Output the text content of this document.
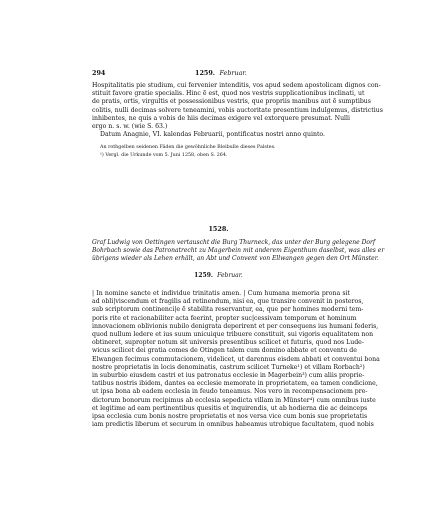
294	1259. Februar.
Hospitalitatis pie studium, cui fervenier intenditis, vos apud sedem apostolicam dignos con-
stituit favore gratie specialis. Hinc ẽ est, quod nos vestris supplicationibus inclinati, ut
de pratis, ortis, virgultis et possessionibus vestris, que propriis manibus aut ẽ sumptibus
colitis, nulli decimas solvere teneamini, vobis auctoritate presentium indulgemus, districtius
inhibentes, ne quis a vobis de hiis decimas exigere vel extorquere presumat. Nulli
ergo n. s. w. (wie S. 63.)
Datum Anagnie, VI. kalendas Februarii, pontificatus nostri anno quinto.
An rothgelben seidenen Fäden die gewöhnliche Bleibulle dieses Palstes.
¹) Vergl. die Urkunde vom 5. Juni 1258, oben S. 264.
1528.
Graf Ludwig von Oettingen vertauscht die Burg Thurneck, das unter der Burg gelegene Dorf
Bohrbach sowie das Patronatrecht zu Magerbein mit anderem Eigenthum daselbst, was alles er
übrigens wieder als Lehen erhält, an Abt und Convent von Ellwangen gegen den Ort Münster.
1259. Februar.
| In nomine sancte et individue trinitatis amen. | Cum humana memoria prona sit
ad obli|viscendum et fragilis ad retinendum, nisi ea, que transire convenit in posteros,
sub scriptorum continenci|e ẽ stabilita reservantur, ea, que per homines moderni tem-
poris rite et racionabiliter acta feerint, propter suc|cessivam temporum et hominum
innovacionem oblivionis nubilo denigrata deperirent et per consequens ius humani federis,
quod nullum ledere et ius suum unicuique tribuere constituit, sui vigoris equalitatem non
obtineret, supropter notum sit universis presentibus scilicet et futuris, quod nos Lude-
wicus scilicet dei gratia comes de Otingen talem cum domino abbate et conventu de
Elwangen fecimus commutacionem, videlicet, ut darennus eisdem abbati et conventui bona
nostre proprietatis in locis denominatis, castrum scilicet Turneke¹) et villam Rorbach²)
in suburbio eiusdem castri et ius patronatus ecclesie in Magerbein³) cum aliis proprie-
tatibus nostris ibidem, dantes ea ecclesie memorate in proprietatem, ea tamen condicione,
ut ipsa bona ab eadem ecclesia in feudo teneamus. Nos vero in recompensacionem pre-
dictorum bonorum recipimus ab ecclesia sepedicta villam in Münster⁴) cum omnibus iuste
et legitime ad eam pertinentibus quesitis et inquirendis, ut ab hodierna die ac deinceps
ipsa ecclesia cum bonis nostre proprietatis et nos versa vice cum bonis sue proprietatis
iam predictis liberum et securum in omnibus habeamus utrobique facultatem, quod nobis
